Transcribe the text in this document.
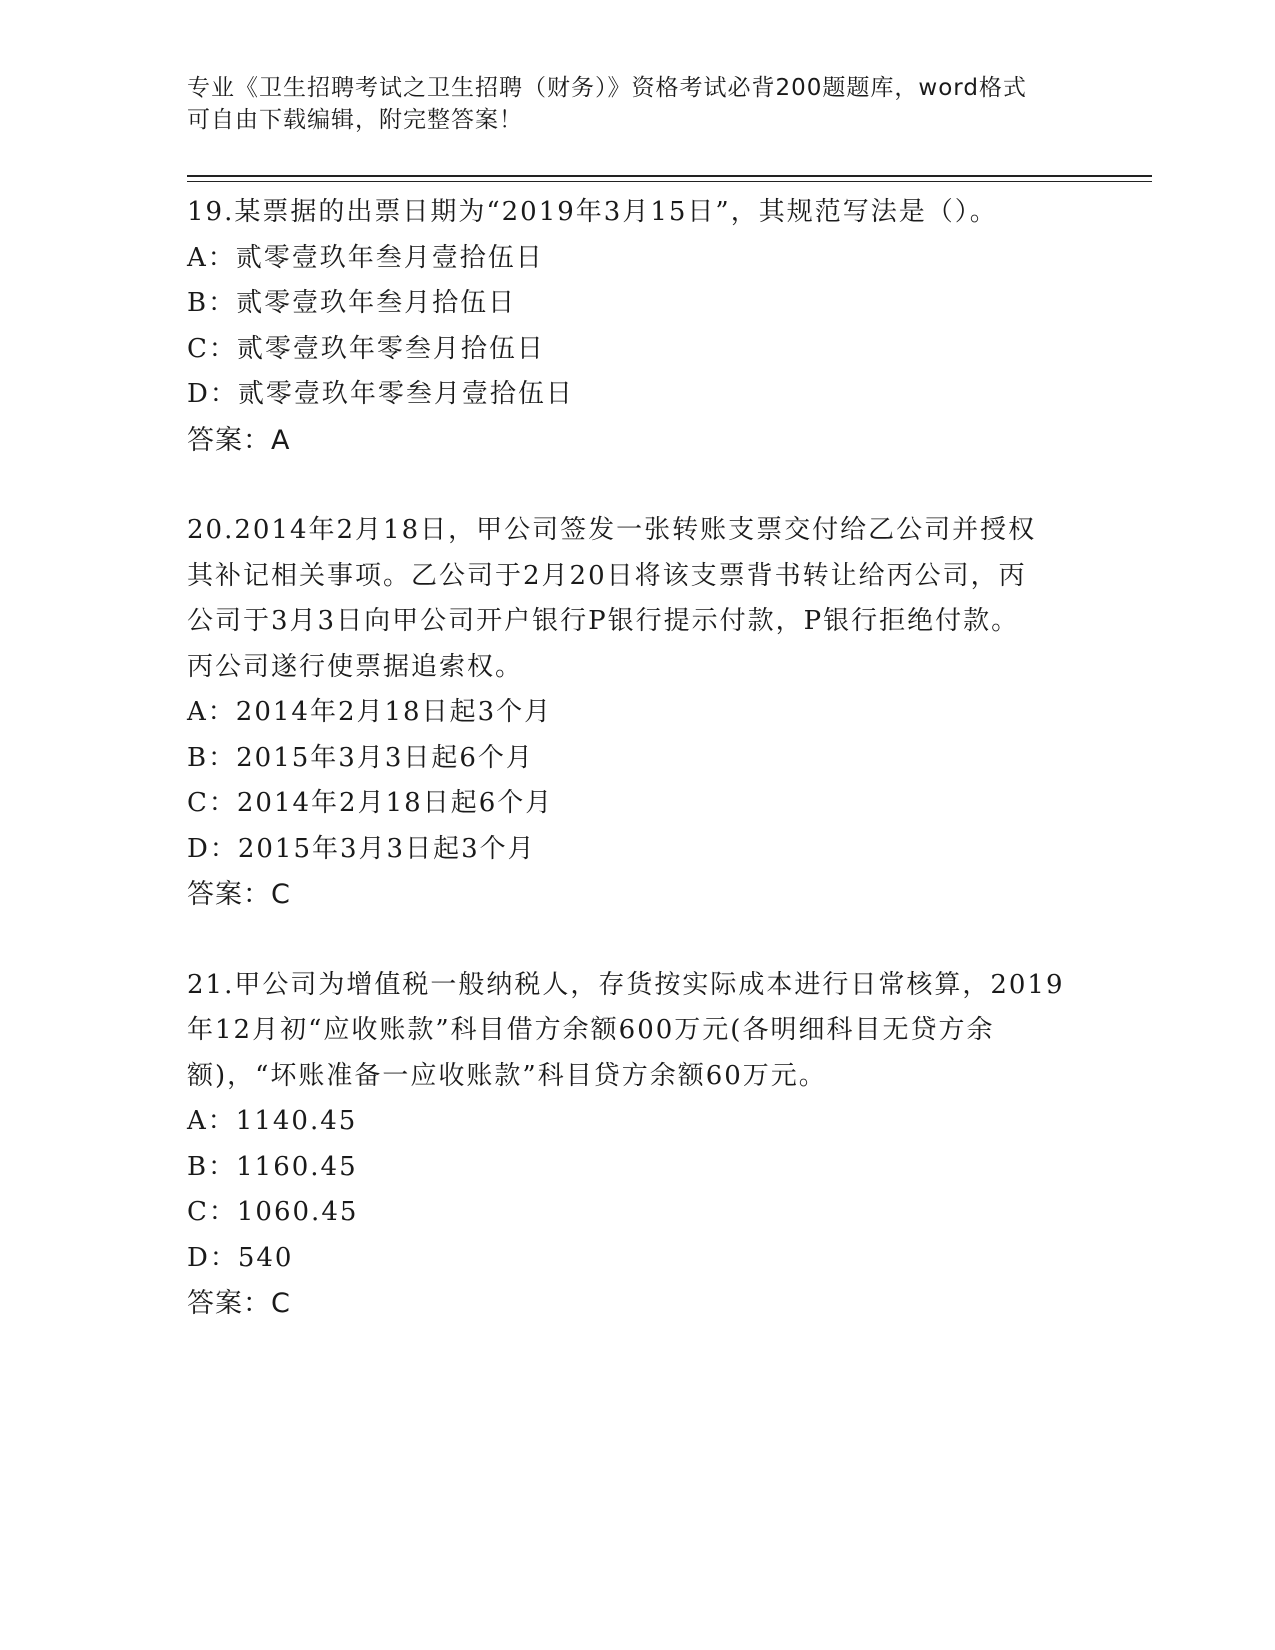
专业《卫生招聘考试之卫生招聘（财务）》资格考试必背200题题库，word格式
可自由下载编辑，附完整答案！
19.某票据的出票日期为“2019年3月15日”，其规范写法是（）。
A：贰零壹玖年叁月壹拾伍日
B：贰零壹玖年叁月拾伍日
C：贰零壹玖年零叁月拾伍日
D：贰零壹玖年零叁月壹拾伍日
答案：A
20.2014年2月18日，甲公司签发一张转账支票交付给乙公司并授权
其补记相关事项。乙公司于2月20日将该支票背书转让给丙公司，丙
公司于3月3日向甲公司开户银行P银行提示付款，P银行拒绝付款。
丙公司遂行使票据追索权。
A：2014年2月18日起3个月
B：2015年3月3日起6个月
C：2014年2月18日起6个月
D：2015年3月3日起3个月
答案：C
21.甲公司为增值税一般纳税人，存货按实际成本进行日常核算，2019
年12月初“应收账款”科目借方余额600万元(各明细科目无贷方余
额)，“坏账准备一应收账款”科目贷方余额60万元。
A：1140.45
B：1160.45
C：1060.45
D：540
答案：C
